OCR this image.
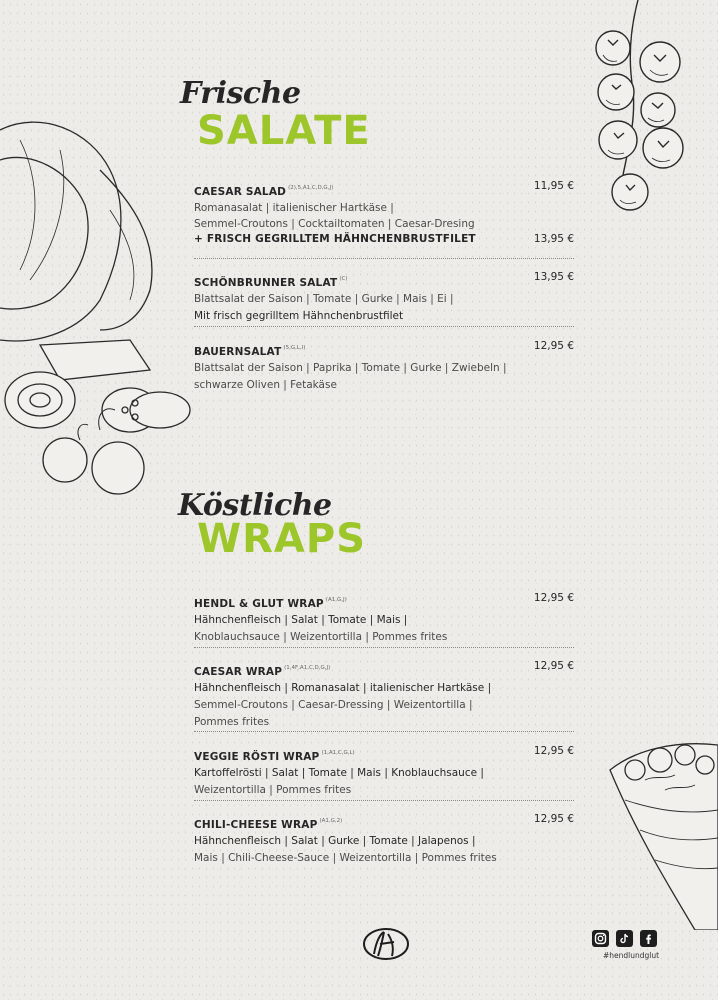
Frische
SALATE
CAESAR SALAD $^{(2),5,A1,C,D,G,J)}$	11,95 €
Romanasalat | italienischer Hartkäse |
Semmel-Croutons | Cocktailtomaten | Caesar-Dresing
+ FRISCH GEGRILLTEM HÄHNCHENBRUSTFILET	13,95 €
SCHÖNBRUNNER SALAT $^{(C)}$	13,95 €
Blattsalat der Saison | Tomate | Gurke | Mais | Ei |
Mit frisch gegrilltem Hähnchenbrustfilet
BAUERNSALAT $^{(5,G,L,I)}$	12,95 €
Blattsalat der Saison | Paprika | Tomate | Gurke | Zwiebeln |
schwarze Oliven | Fetakäse
Köstliche
WRAPS
HENDL & GLUT WRAP $^{(A1,G,J)}$	12,95 €
Hähnchenfleisch | Salat | Tomate | Mais |
Knoblauchsauce | Weizentortilla | Pommes frites
CAESAR WRAP $^{(1,4F,A1,C,D,G,J)}$	12,95 €
Hähnchenfleisch | Romanasalat | italienischer Hartkäse |
Semmel-Croutons | Caesar-Dressing | Weizentortilla |
Pommes frites
VEGGIE RÖSTI WRAP $^{(1,A1,C,G,L)}$	12,95 €
Kartoffelrösti | Salat | Tomate | Mais | Knoblauchsauce |
Weizentortilla | Pommes frites
CHILI-CHEESE WRAP $^{(A1,G,2)}$	12,95 €
Hähnchenfleisch | Salat | Gurke | Tomate | Jalapenos |
Mais | Chili-Cheese-Sauce | Weizentortilla | Pommes frites
#hendlundglut
